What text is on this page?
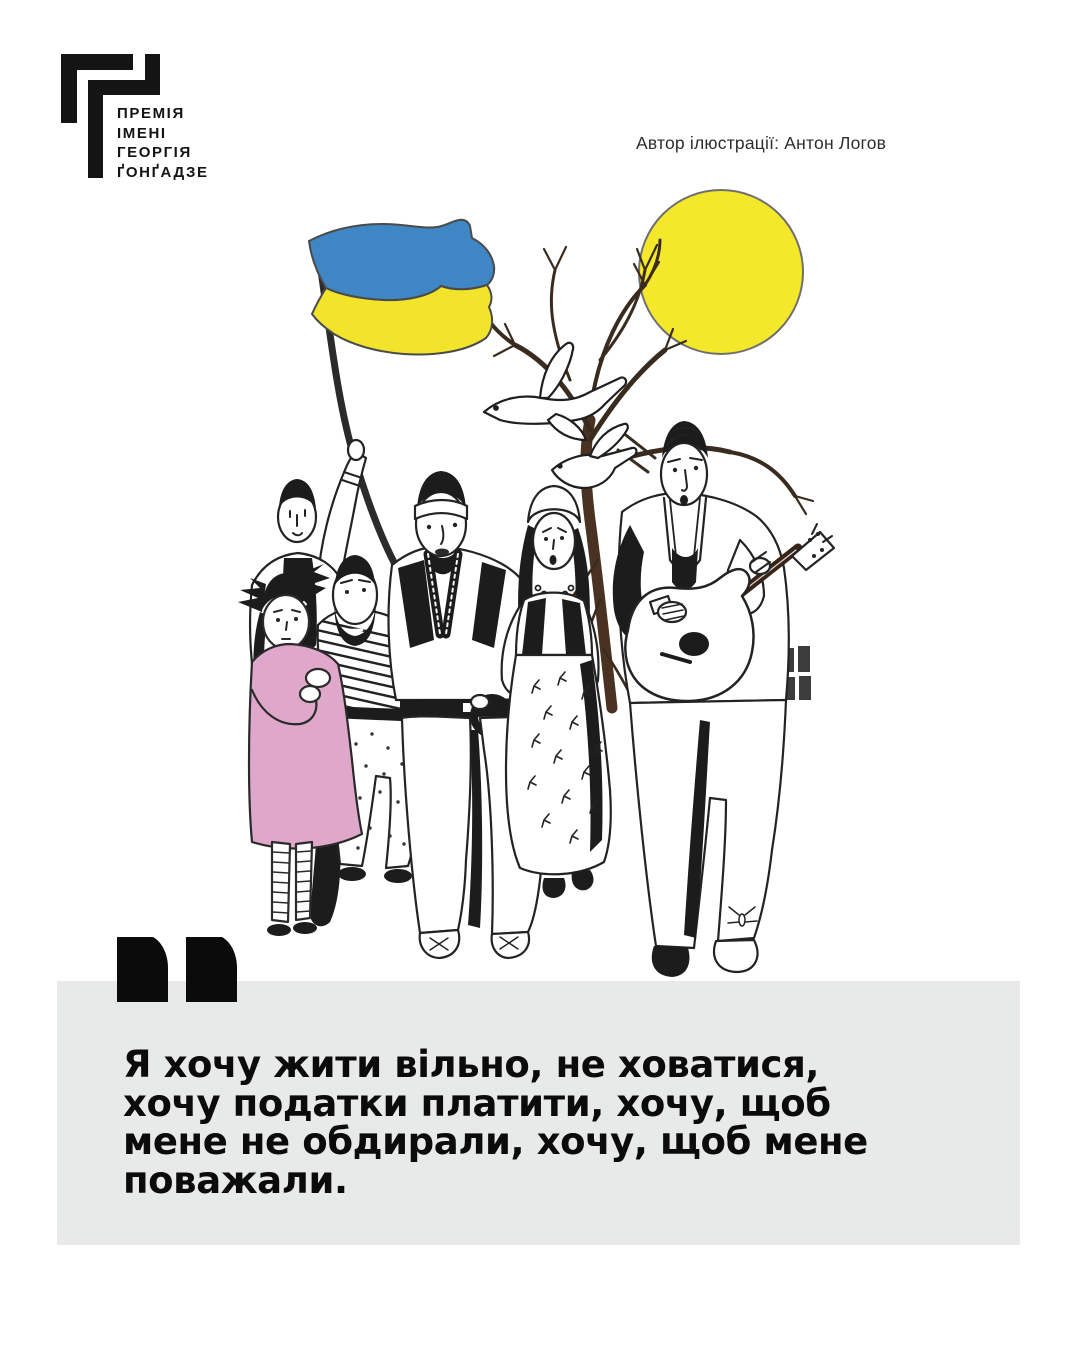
Я хочу жити вільно, не ховатися,
хочу податки платити, хочу, щоб
мене не обдирали, хочу, щоб мене
поважали.
ПРЕМІЯ
ІМЕНІ
ГЕОРГІЯ
ҐОНҐАДЗЕ
Автор ілюстрації: Антон Логов
